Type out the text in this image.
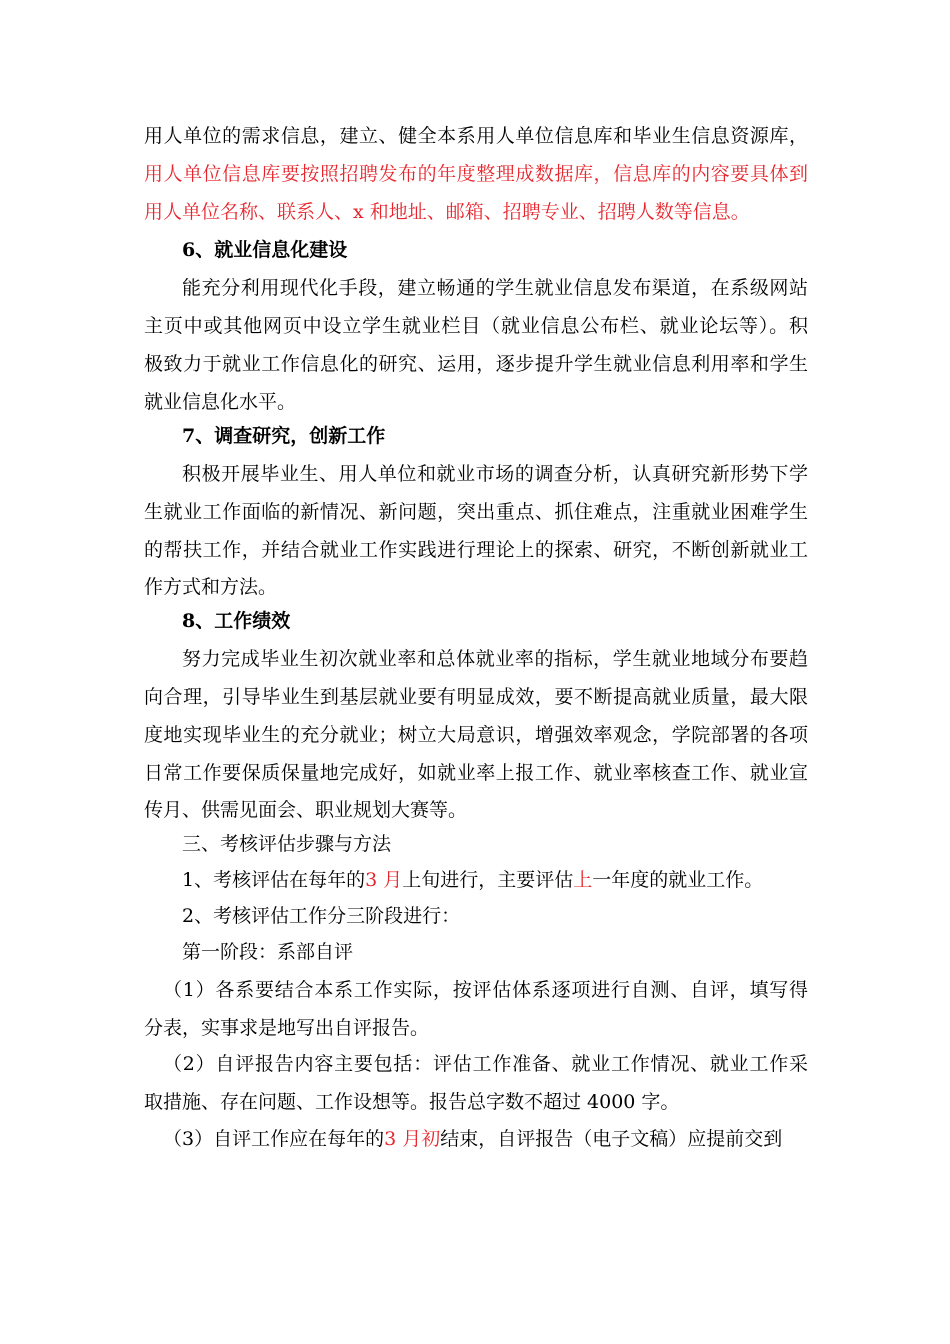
用人单位的需求信息，建立、健全本系用人单位信息库和毕业生信息资源库，
用人单位信息库要按照招聘发布的年度整理成数据库，信息库的内容要具体到
用人单位名称、联系人、x 和地址、邮箱、招聘专业、招聘人数等信息。
6、就业信息化建设
能充分利用现代化手段，建立畅通的学生就业信息发布渠道，在系级网站
主页中或其他网页中设立学生就业栏目（就业信息公布栏、就业论坛等）。积
极致力于就业工作信息化的研究、运用，逐步提升学生就业信息利用率和学生
就业信息化水平。
7、调查研究，创新工作
积极开展毕业生、用人单位和就业市场的调查分析，认真研究新形势下学
生就业工作面临的新情况、新问题，突出重点、抓住难点，注重就业困难学生
的帮扶工作，并结合就业工作实践进行理论上的探索、研究，不断创新就业工
作方式和方法。
8、工作绩效
努力完成毕业生初次就业率和总体就业率的指标，学生就业地域分布要趋
向合理，引导毕业生到基层就业要有明显成效，要不断提高就业质量，最大限
度地实现毕业生的充分就业；树立大局意识，增强效率观念，学院部署的各项
日常工作要保质保量地完成好，如就业率上报工作、就业率核查工作、就业宣
传月、供需见面会、职业规划大赛等。
三、考核评估步骤与方法
1、考核评估在每年的3 月上旬进行，主要评估上一年度的就业工作。
2、考核评估工作分三阶段进行：
第一阶段：系部自评
（1）各系要结合本系工作实际，按评估体系逐项进行自测、自评，填写得
分表，实事求是地写出自评报告。
（2）自评报告内容主要包括：评估工作准备、就业工作情况、就业工作采
取措施、存在问题、工作设想等。报告总字数不超过 4000 字。
（3）自评工作应在每年的3 月初结束，自评报告（电子文稿）应提前交到
